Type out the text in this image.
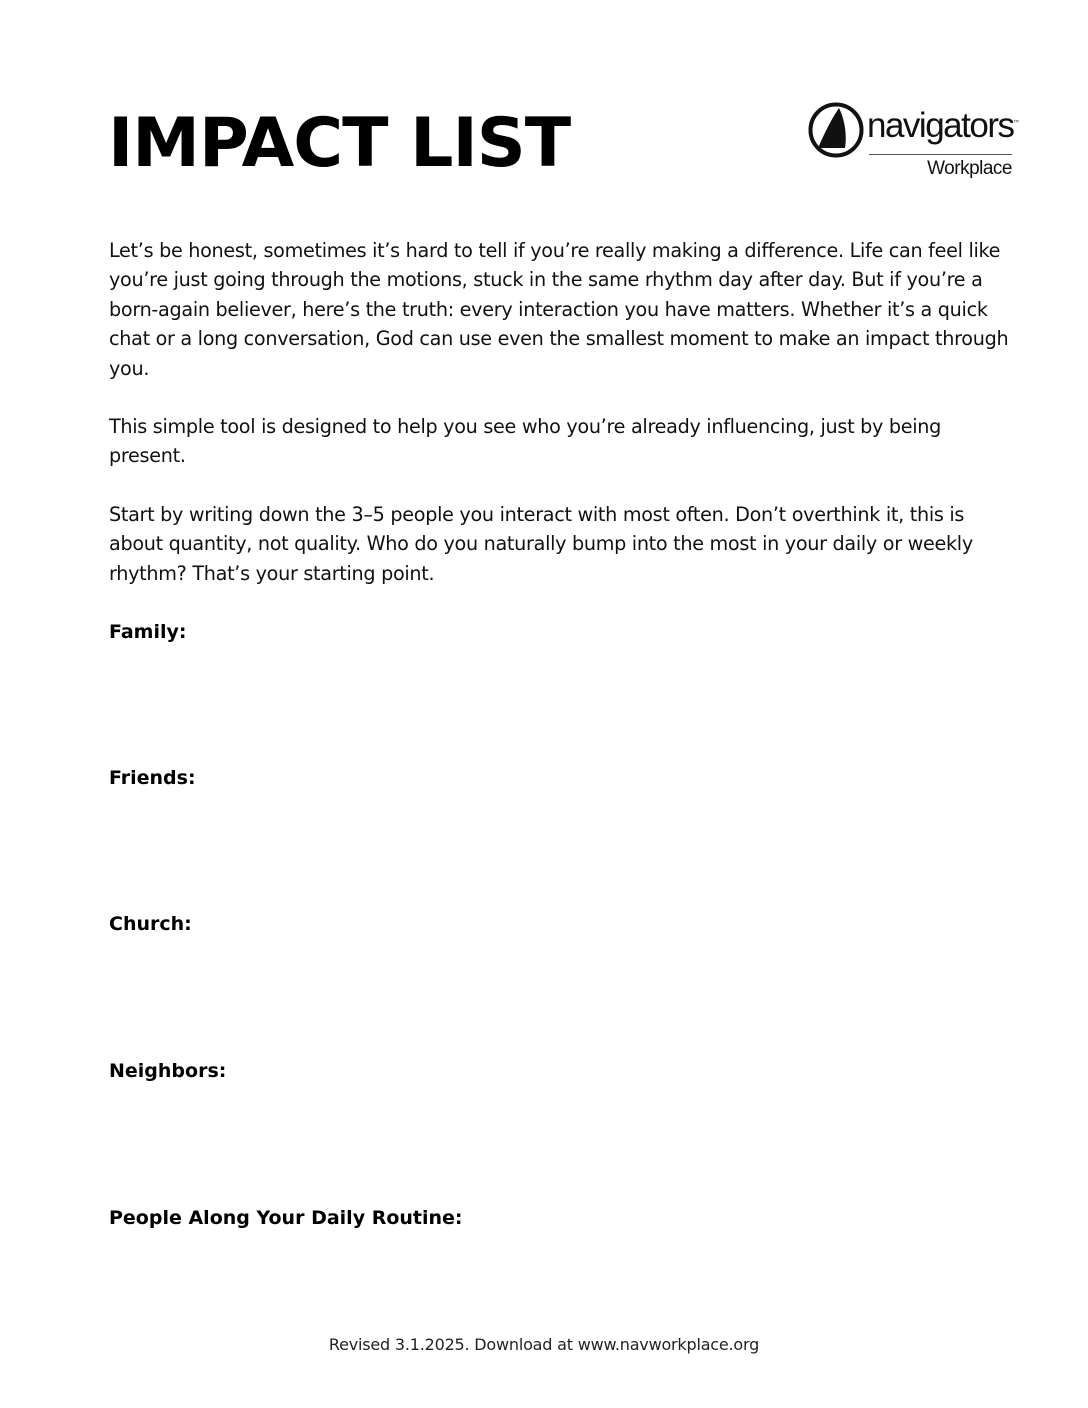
IMPACT LIST	navigators ™
Workplace

Let’s be honest, sometimes it’s hard to tell if you’re really making a difference. Life can feel like you’re just going through the motions, stuck in the same rhythm day after day. But if you’re a born-again believer, here’s the truth: every interaction you have matters. Whether it’s a quick chat or a long conversation, God can use even the smallest moment to make an impact through you.

This simple tool is designed to help you see who you’re already influencing, just by being present.

Start by writing down the 3–5 people you interact with most often. Don’t overthink it, this is about quantity, not quality. Who do you naturally bump into the most in your daily or weekly rhythm? That’s your starting point.

Family:
Friends:
Church:
Neighbors:
People Along Your Daily Routine:
Revised 3.1.2025. Download at www.navworkplace.org
